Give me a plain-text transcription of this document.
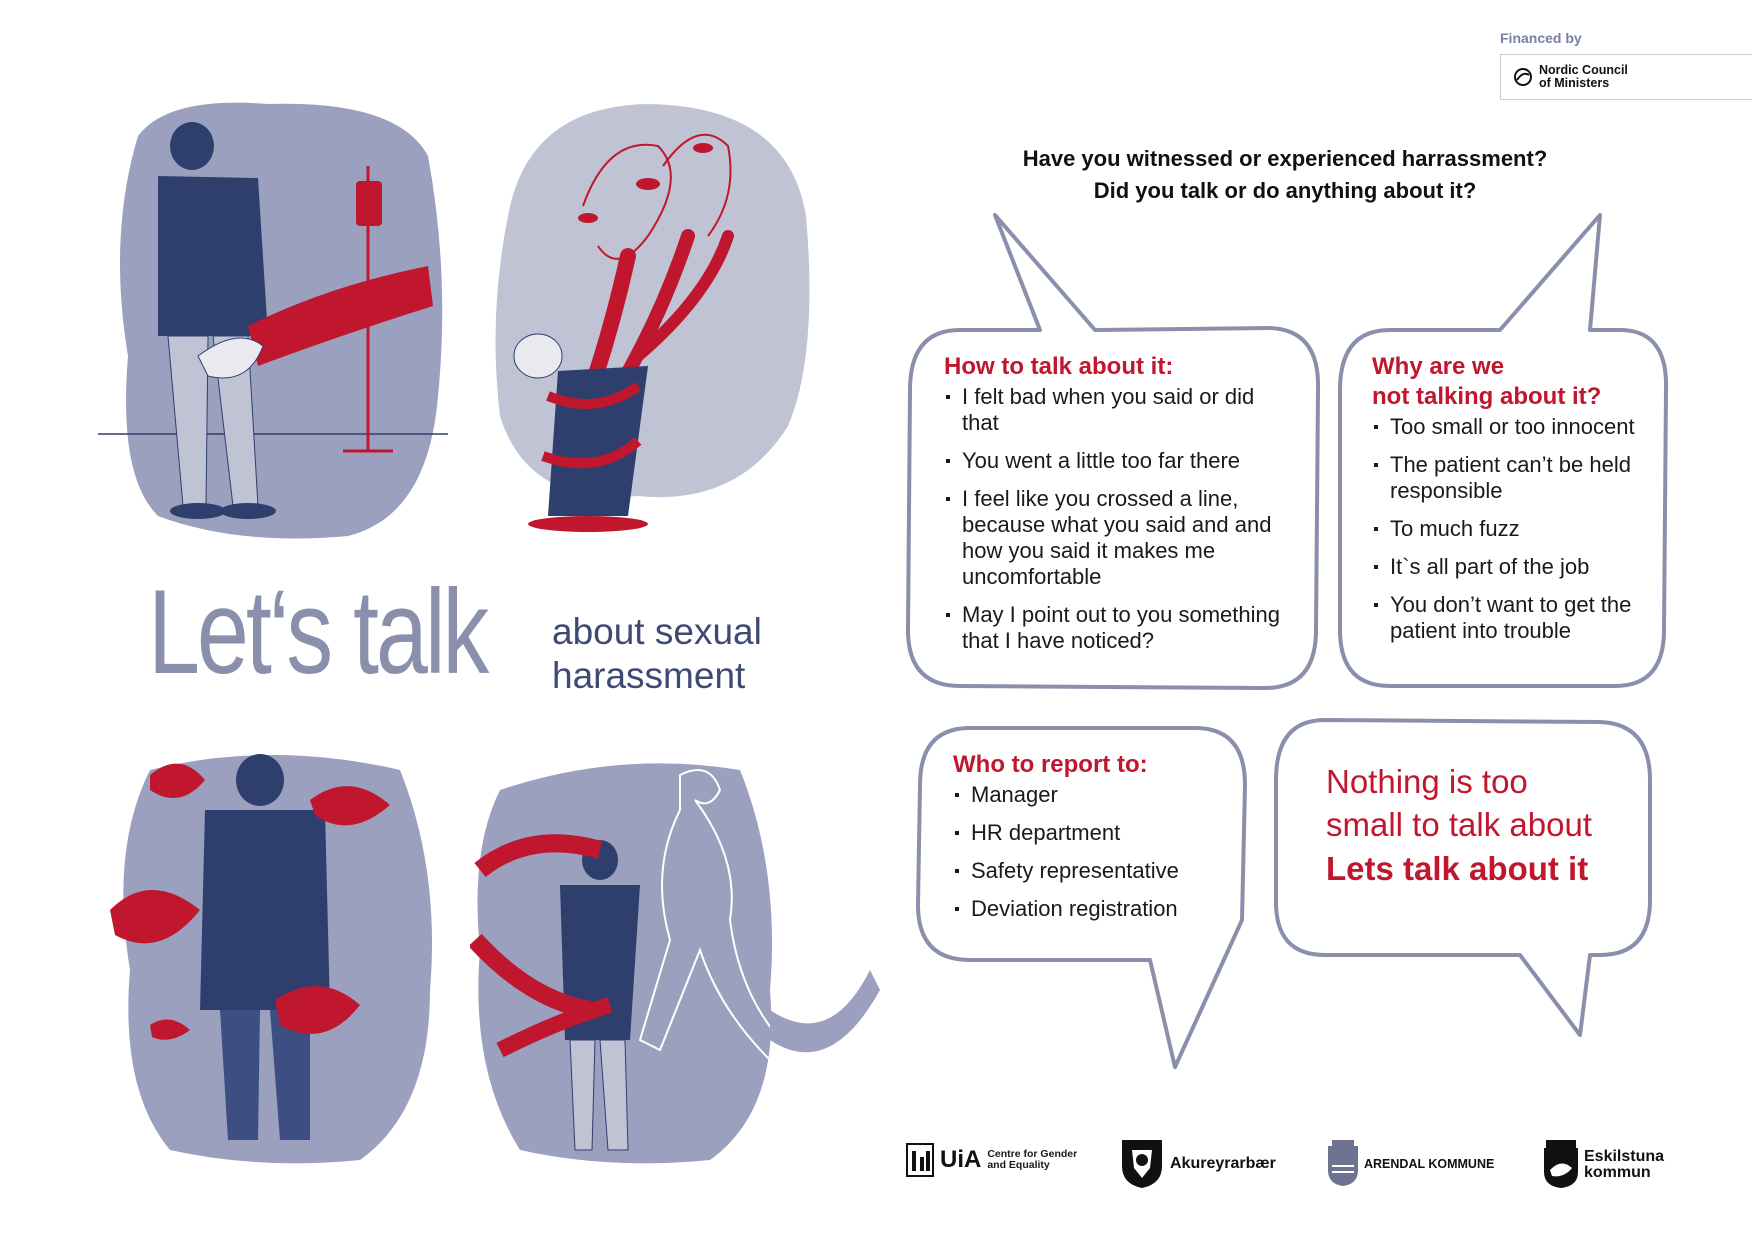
Financed by
Nordic Council
of Ministers
Let‘s talk about sexual
harassment
Have you witnessed or experienced harrassment?
Did you talk or do anything about it?
How to talk about it:
I felt bad when you said or did that
You went a little too far there
I feel like you crossed a line, because what you said and and how you said it makes me uncomfortable
May I point out to you something that I have noticed?
Why are we
not talking about it?
Too small or too innocent
The patient can’t be held responsible
To much fuzz
It`s all part of the job
You don’t want to get the patient into trouble
Who to report to:
Manager
HR department
Safety representative
Deviation registration
Nothing is too
small to talk about
Lets talk about it
UiA Centre for Gender
and Equality	Akureyrarbær	ARENDAL KOMMUNE	Eskilstuna
kommun
